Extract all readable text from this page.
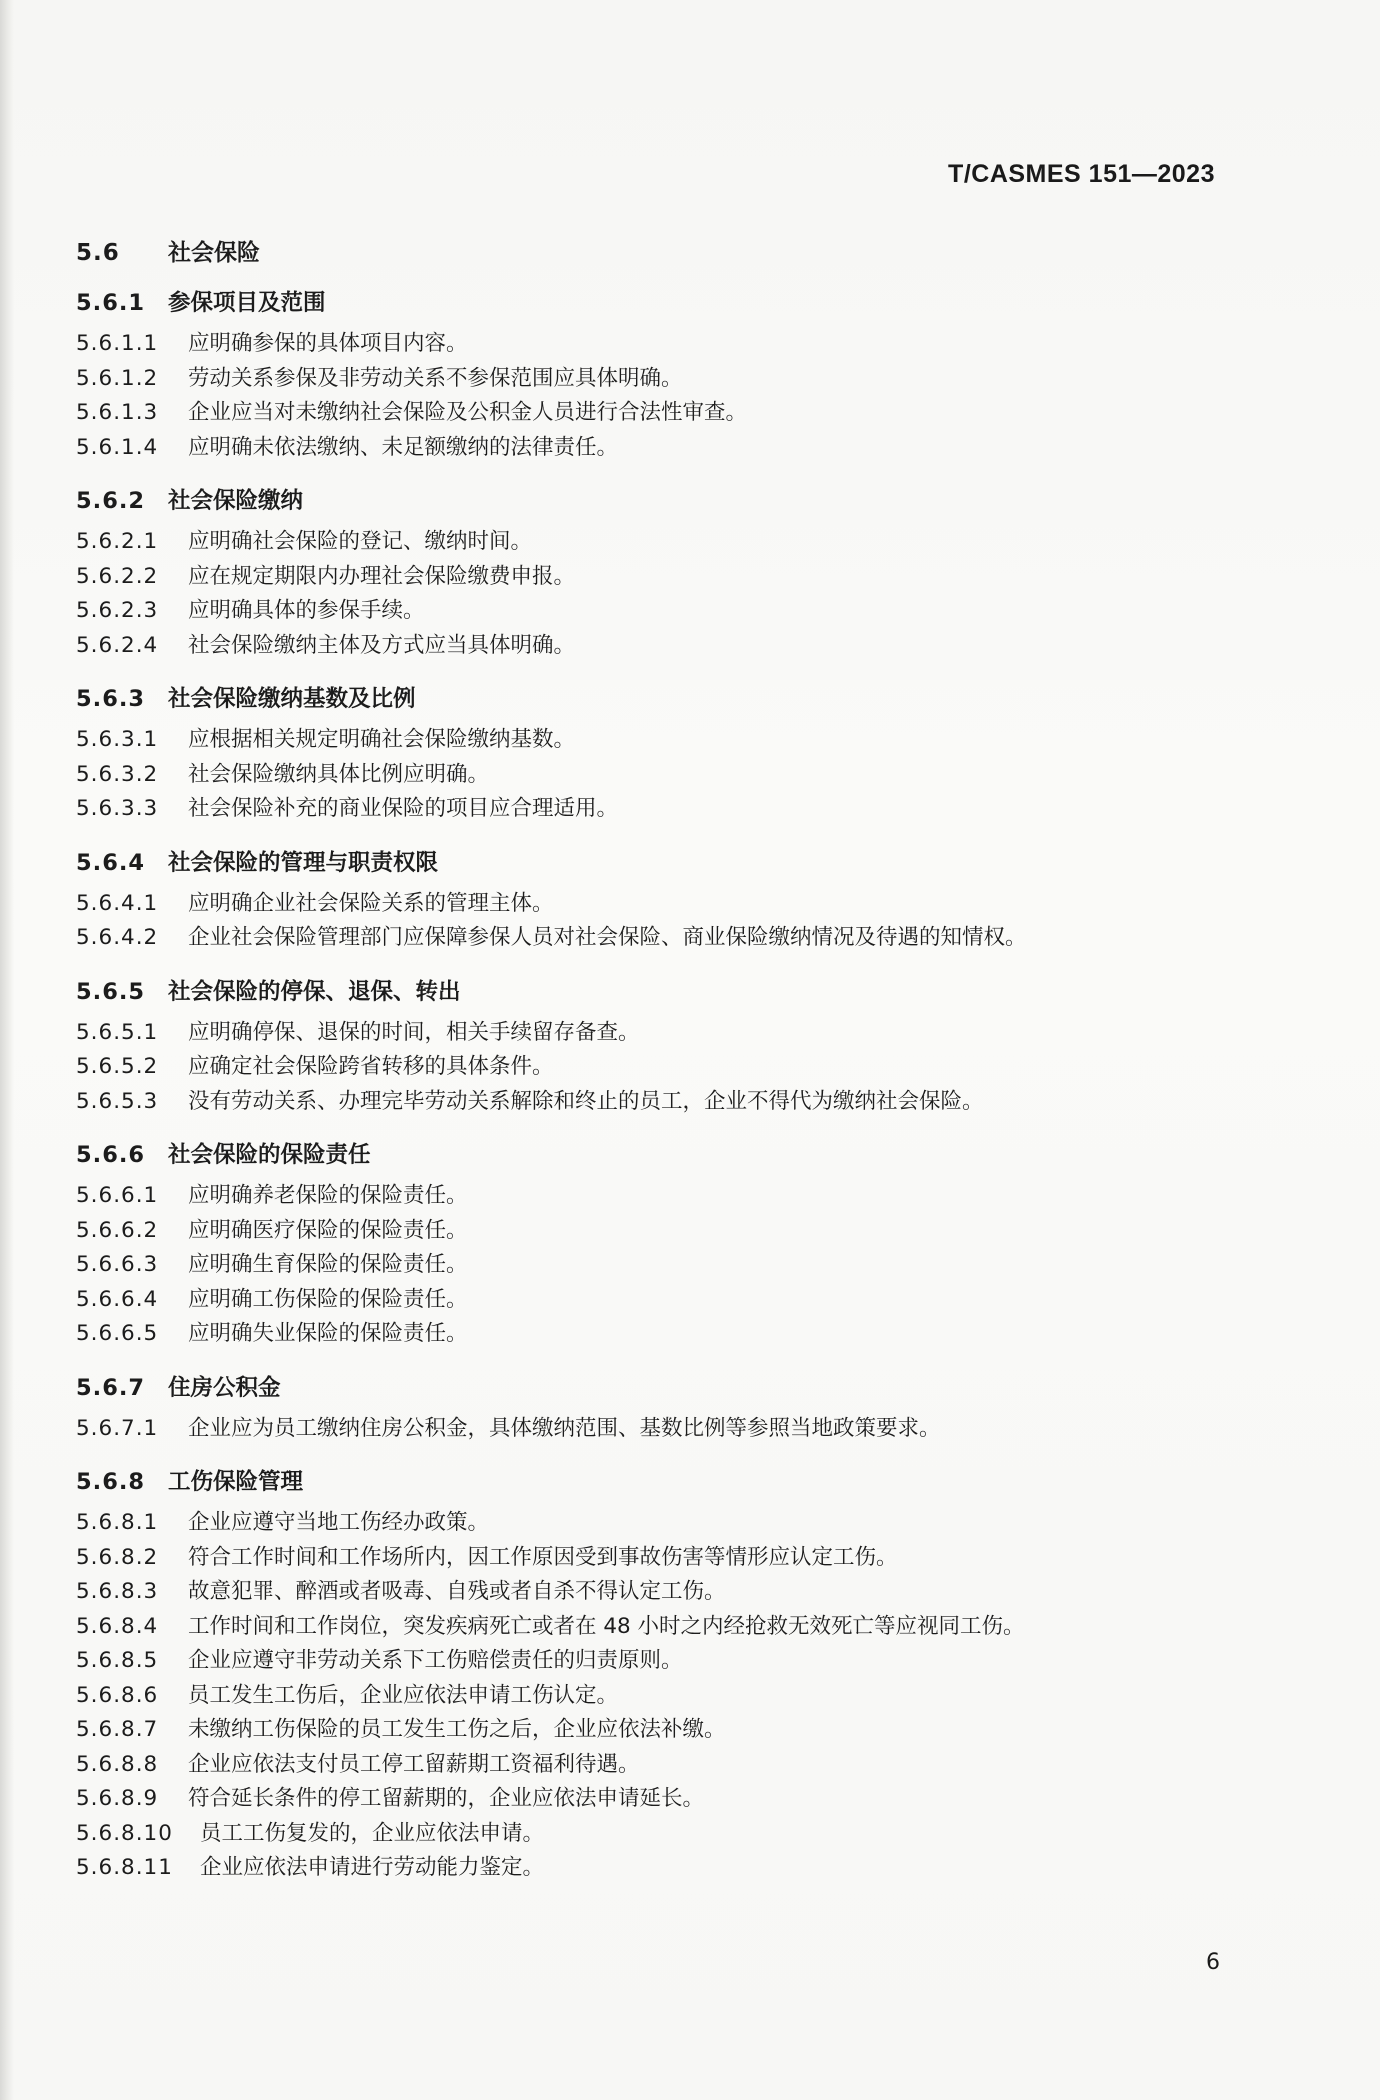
T/CASMES 151—2023
5.6 社会保险
5.6.1 参保项目及范围
5.6.1.1 应明确参保的具体项目内容。
5.6.1.2 劳动关系参保及非劳动关系不参保范围应具体明确。
5.6.1.3 企业应当对未缴纳社会保险及公积金人员进行合法性审查。
5.6.1.4 应明确未依法缴纳、未足额缴纳的法律责任。
5.6.2 社会保险缴纳
5.6.2.1 应明确社会保险的登记、缴纳时间。
5.6.2.2 应在规定期限内办理社会保险缴费申报。
5.6.2.3 应明确具体的参保手续。
5.6.2.4 社会保险缴纳主体及方式应当具体明确。
5.6.3 社会保险缴纳基数及比例
5.6.3.1 应根据相关规定明确社会保险缴纳基数。
5.6.3.2 社会保险缴纳具体比例应明确。
5.6.3.3 社会保险补充的商业保险的项目应合理适用。
5.6.4 社会保险的管理与职责权限
5.6.4.1 应明确企业社会保险关系的管理主体。
5.6.4.2 企业社会保险管理部门应保障参保人员对社会保险、商业保险缴纳情况及待遇的知情权。
5.6.5 社会保险的停保、退保、转出
5.6.5.1 应明确停保、退保的时间，相关手续留存备查。
5.6.5.2 应确定社会保险跨省转移的具体条件。
5.6.5.3 没有劳动关系、办理完毕劳动关系解除和终止的员工，企业不得代为缴纳社会保险。
5.6.6 社会保险的保险责任
5.6.6.1 应明确养老保险的保险责任。
5.6.6.2 应明确医疗保险的保险责任。
5.6.6.3 应明确生育保险的保险责任。
5.6.6.4 应明确工伤保险的保险责任。
5.6.6.5 应明确失业保险的保险责任。
5.6.7 住房公积金
5.6.7.1 企业应为员工缴纳住房公积金，具体缴纳范围、基数比例等参照当地政策要求。
5.6.8 工伤保险管理
5.6.8.1 企业应遵守当地工伤经办政策。
5.6.8.2 符合工作时间和工作场所内，因工作原因受到事故伤害等情形应认定工伤。
5.6.8.3 故意犯罪、醉酒或者吸毒、自残或者自杀不得认定工伤。
5.6.8.4 工作时间和工作岗位，突发疾病死亡或者在 48 小时之内经抢救无效死亡等应视同工伤。
5.6.8.5 企业应遵守非劳动关系下工伤赔偿责任的归责原则。
5.6.8.6 员工发生工伤后，企业应依法申请工伤认定。
5.6.8.7 未缴纳工伤保险的员工发生工伤之后，企业应依法补缴。
5.6.8.8 企业应依法支付员工停工留薪期工资福利待遇。
5.6.8.9 符合延长条件的停工留薪期的，企业应依法申请延长。
5.6.8.10 员工工伤复发的，企业应依法申请。
5.6.8.11 企业应依法申请进行劳动能力鉴定。
6
